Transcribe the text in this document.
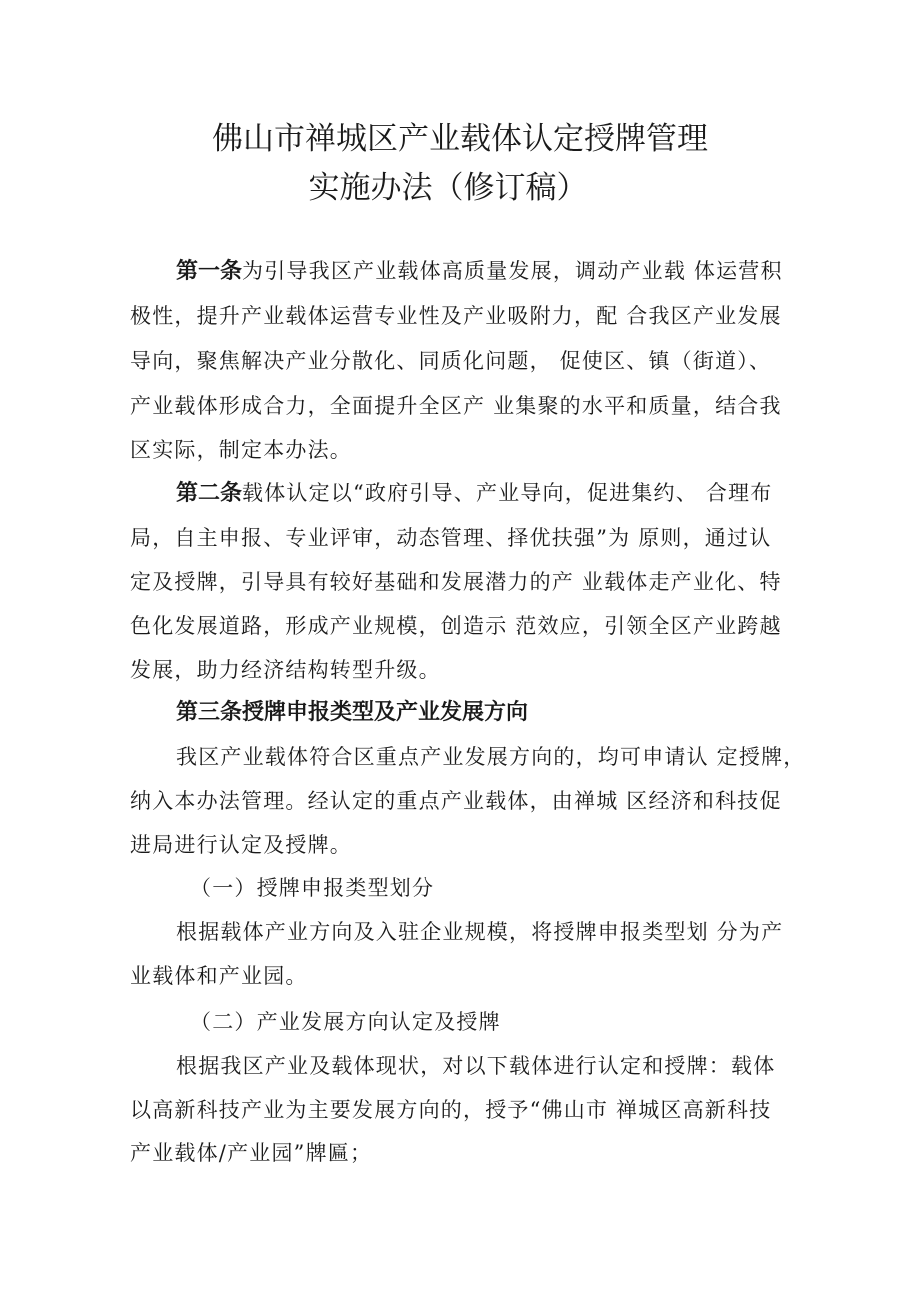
佛山市禅城区产业载体认定授牌管理
实施办法（修订稿）
第一条为引导我区产业载体高质量发展，调动产业载 体运营积
极性，提升产业载体运营专业性及产业吸附力，配 合我区产业发展
导向，聚焦解决产业分散化、同质化问题， 促使区、镇（街道）、
产业载体形成合力，全面提升全区产 业集聚的水平和质量，结合我
区实际，制定本办法。
第二条载体认定以“政府引导、产业导向，促进集约、 合理布
局，自主申报、专业评审，动态管理、择优扶强”为 原则，通过认
定及授牌，引导具有较好基础和发展潜力的产 业载体走产业化、特
色化发展道路，形成产业规模，创造示 范效应，引领全区产业跨越
发展，助力经济结构转型升级。
第三条授牌申报类型及产业发展方向
我区产业载体符合区重点产业发展方向的，均可申请认 定授牌，
纳入本办法管理。经认定的重点产业载体，由禅城 区经济和科技促
进局进行认定及授牌。
（一）授牌申报类型划分
根据载体产业方向及入驻企业规模，将授牌申报类型划 分为产
业载体和产业园。
（二）产业发展方向认定及授牌
根据我区产业及载体现状，对以下载体进行认定和授牌：载体
以高新科技产业为主要发展方向的，授予“佛山市 禅城区高新科技
产业载体/产业园”牌匾；
